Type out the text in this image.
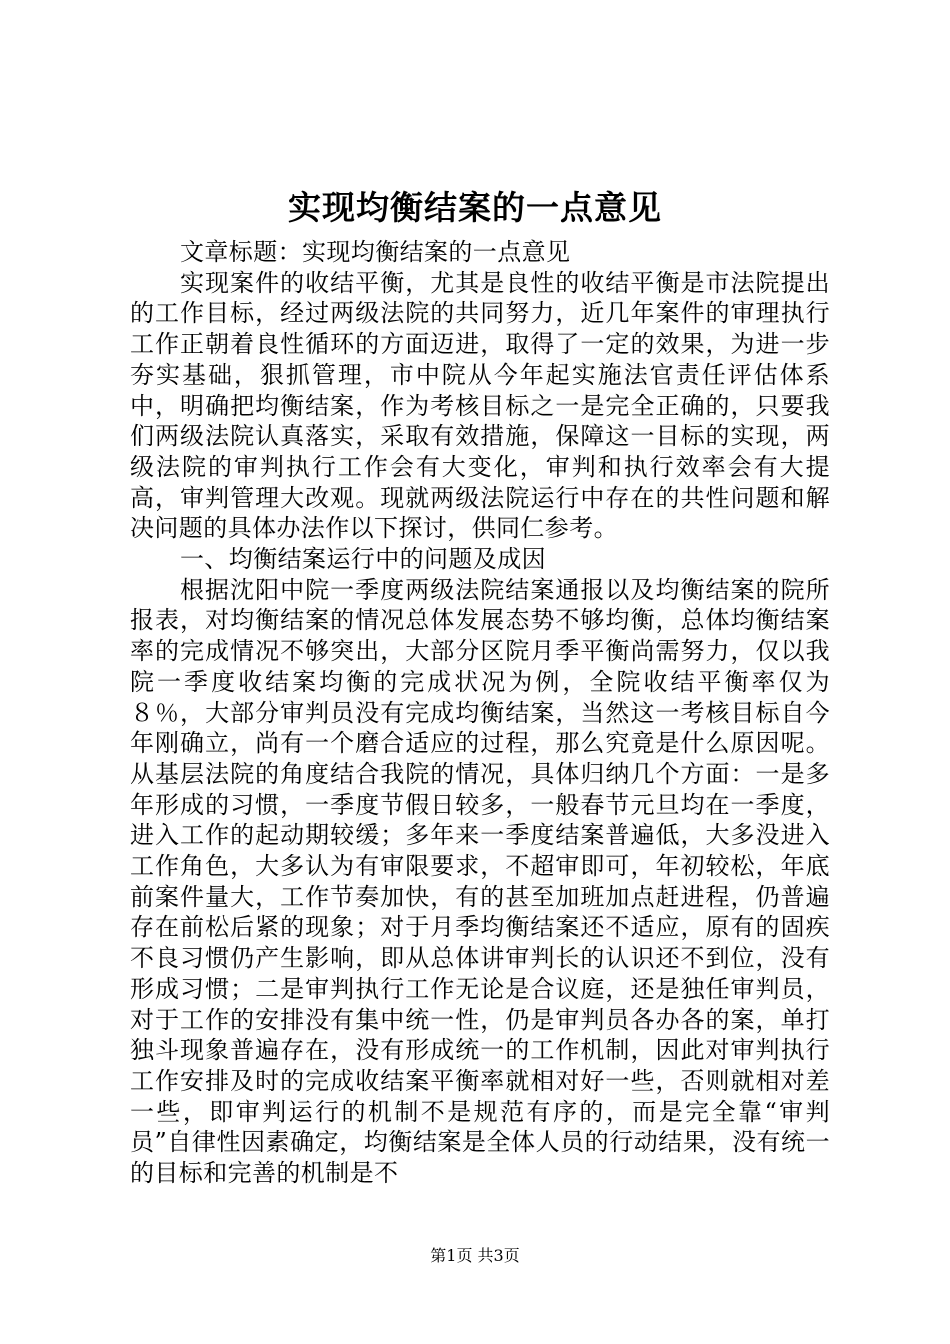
实现均衡结案的一点意见

文章标题：实现均衡结案的一点意见

实现案件的收结平衡，尤其是良性的收结平衡是市法院提出的工作目标，经过两级法院的共同努力，近几年案件的审理执行工作正朝着良性循环的方面迈进，取得了一定的效果，为进一步夯实基础，狠抓管理，市中院从今年起实施法官责任评估体系中，明确把均衡结案，作为考核目标之一是完全正确的，只要我们两级法院认真落实，采取有效措施，保障这一目标的实现，两级法院的审判执行工作会有大变化，审判和执行效率会有大提高，审判管理大改观。现就两级法院运行中存在的共性问题和解决问题的具体办法作以下探讨，供同仁参考。

一、均衡结案运行中的问题及成因

根据沈阳中院一季度两级法院结案通报以及均衡结案的院所报表，对均衡结案的情况总体发展态势不够均衡，总体均衡结案率的完成情况不够突出，大部分区院月季平衡尚需努力，仅以我院一季度收结案均衡的完成状况为例，全院收结平衡率仅为８％，大部分审判员没有完成均衡结案，当然这一考核目标自今年刚确立，尚有一个磨合适应的过程，那么究竟是什么原因呢。从基层法院的角度结合我院的情况，具体归纳几个方面：一是多年形成的习惯，一季度节假日较多，一般春节元旦均在一季度，进入工作的起动期较缓；多年来一季度结案普遍低，大多没进入工作角色，大多认为有审限要求，不超审即可，年初较松，年底前案件量大，工作节奏加快，有的甚至加班加点赶进程，仍普遍存在前松后紧的现象；对于月季均衡结案还不适应，原有的固疾不良习惯仍产生影响，即从总体讲审判长的认识还不到位，没有形成习惯；二是审判执行工作无论是合议庭，还是独任审判员，对于工作的安排没有集中统一性，仍是审判员各办各的案，单打独斗现象普遍存在，没有形成统一的工作机制，因此对审判执行工作安排及时的完成收结案平衡率就相对好一些，否则就相对差一些，即审判运行的机制不是规范有序的，而是完全靠“审判员”自律性因素确定，均衡结案是全体人员的行动结果，没有统一的目标和完善的机制是不

第1页 共3页
